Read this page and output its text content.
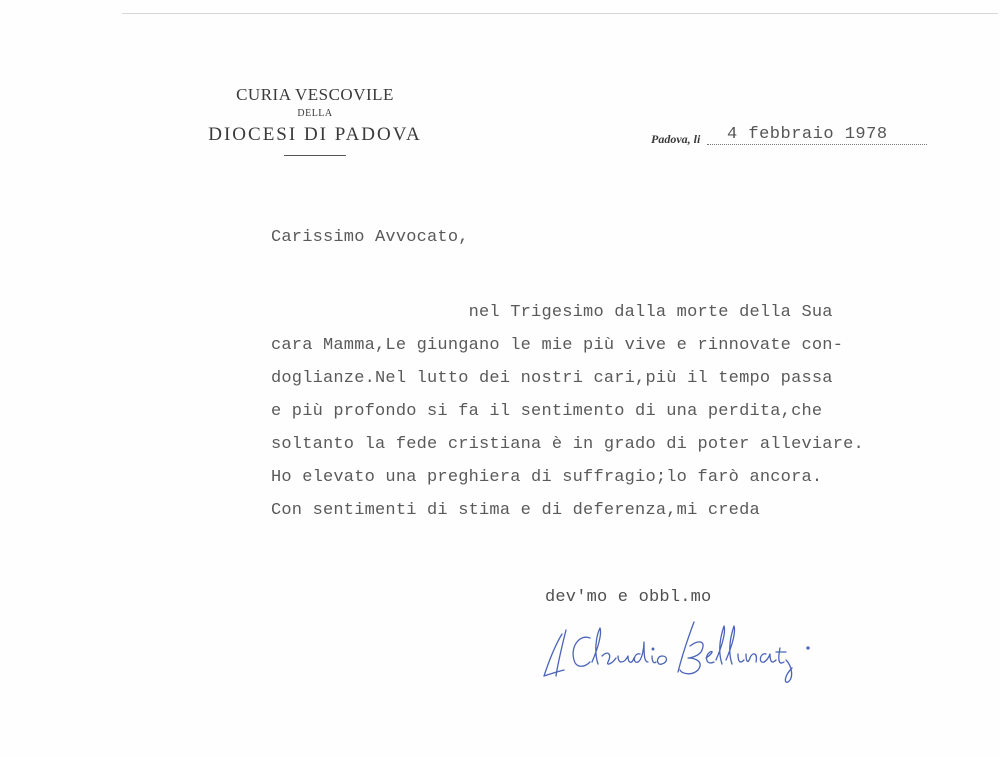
CURIA VESCOVILE
DELLA
DIOCESI DI PADOVA	Padova, li 4 febbraio 1978
Carissimo Avvocato,
nel Trigesimo dalla morte della Sua
cara Mamma,Le giungano le mie più vive e rinnovate con-
doglianze.Nel lutto dei nostri cari,più il tempo passa
e più profondo si fa il sentimento di una perdita,che
soltanto la fede cristiana è in grado di poter alleviare.
Ho elevato una preghiera di suffragio;lo farò ancora.
Con sentimenti di stima e di deferenza,mi creda
dev'mo e obbl.mo
